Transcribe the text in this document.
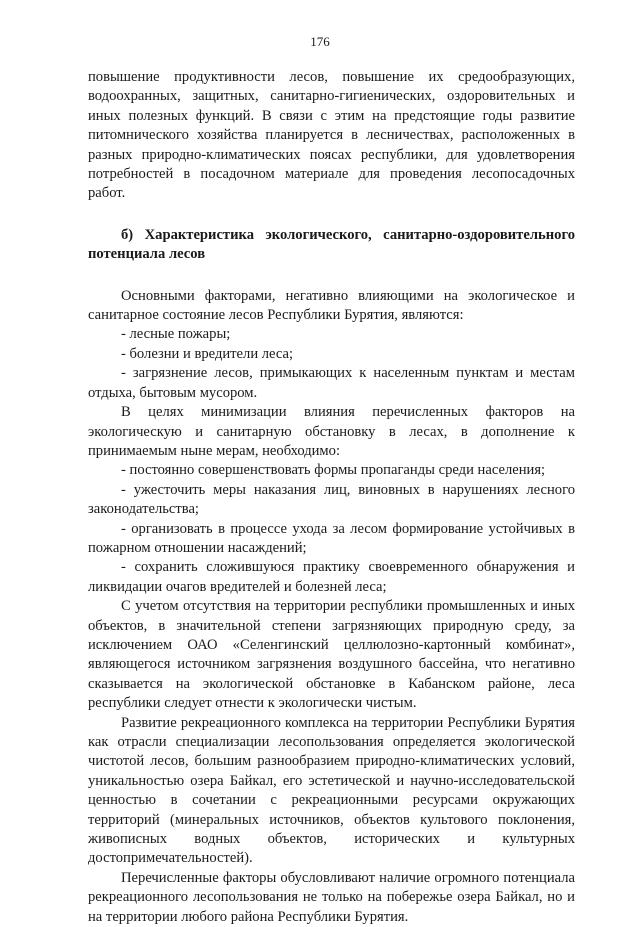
176

повышение продуктивности лесов, повышение их средообразующих, водоохранных, защитных, санитарно-гигиенических, оздоровительных и иных полезных функций. В связи с этим на предстоящие годы развитие питомнического хозяйства планируется в лесничествах, расположенных в разных природно-климатических поясах республики, для удовлетворения потребностей в посадочном материале для проведения лесопосадочных работ.

б) Характеристика экологического, санитарно-оздоровительного потенциала лесов

Основными факторами, негативно влияющими на экологическое и санитарное состояние лесов Республики Бурятия, являются:

- лесные пожары;

- болезни и вредители леса;

- загрязнение лесов, примыкающих к населенным пунктам и местам отдыха, бытовым мусором.

В целях минимизации влияния перечисленных факторов на экологическую и санитарную обстановку в лесах, в дополнение к принимаемым ныне мерам, необходимо:

- постоянно совершенствовать формы пропаганды среди населения;

- ужесточить меры наказания лиц, виновных в нарушениях лесного законодательства;

- организовать в процессе ухода за лесом формирование устойчивых в пожарном отношении насаждений;

- сохранить сложившуюся практику своевременного обнаружения и ликвидации очагов вредителей и болезней леса;

С учетом отсутствия на территории республики промышленных и иных объектов, в значительной степени загрязняющих природную среду, за исключением ОАО «Селенгинский целлюлозно-картонный комбинат», являющегося источником загрязнения воздушного бассейна, что негативно сказывается на экологической обстановке в Кабанском районе, леса республики следует отнести к экологически чистым.

Развитие рекреационного комплекса на территории Республики Бурятия как отрасли специализации лесопользования определяется экологической чистотой лесов, большим разнообразием природно-климатических условий, уникальностью озера Байкал, его эстетической и научно-исследовательской ценностью в сочетании с рекреационными ресурсами окружающих территорий (минеральных источников, объектов культового поклонения, живописных водных объектов, исторических и культурных достопримечательностей).

Перечисленные факторы обусловливают наличие огромного потенциала рекреационного лесопользования не только на побережье озера Байкал, но и на территории любого района Республики Бурятия.
